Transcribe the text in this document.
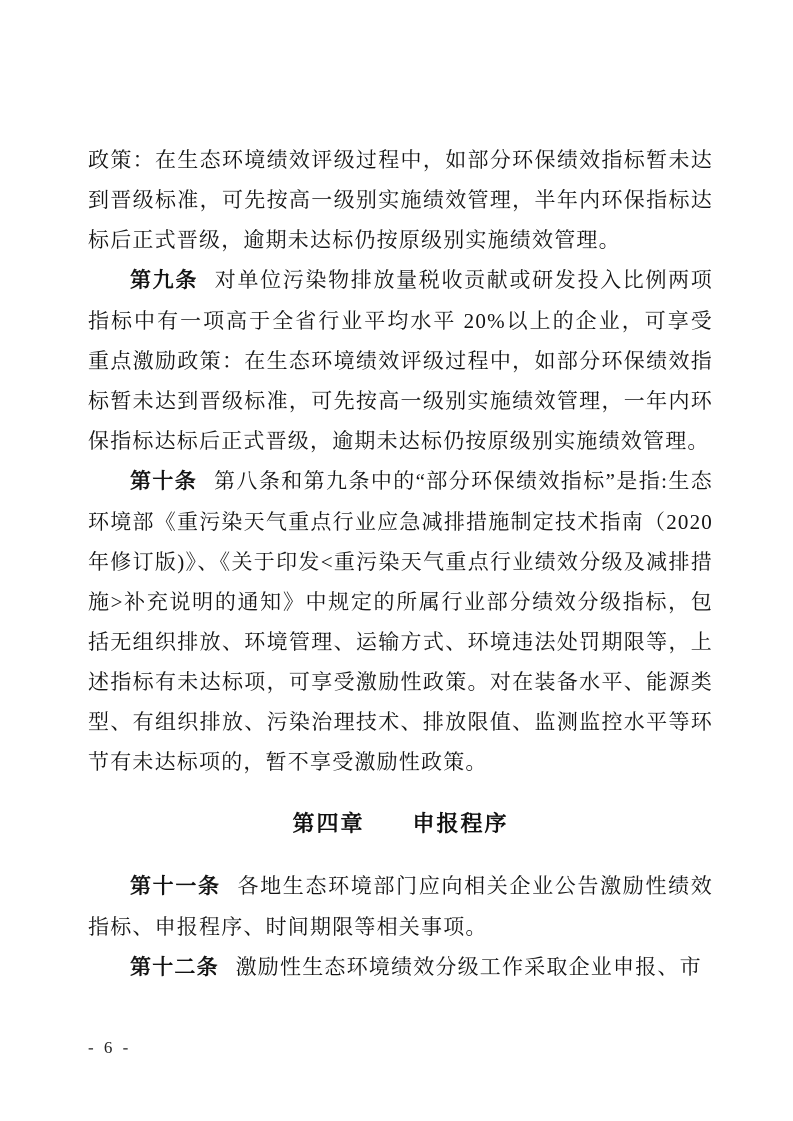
政策：在生态环境绩效评级过程中，如部分环保绩效指标暂未达到晋级标准，可先按高一级别实施绩效管理，半年内环保指标达标后正式晋级，逾期未达标仍按原级别实施绩效管理。

第九条 对单位污染物排放量税收贡献或研发投入比例两项指标中有一项高于全省行业平均水平 20%以上的企业，可享受重点激励政策：在生态环境绩效评级过程中，如部分环保绩效指标暂未达到晋级标准，可先按高一级别实施绩效管理，一年内环保指标达标后正式晋级，逾期未达标仍按原级别实施绩效管理。

第十条 第八条和第九条中的“部分环保绩效指标”是指:生态环境部《重污染天气重点行业应急减排措施制定技术指南（2020年修订版)》、《关于印发<重污染天气重点行业绩效分级及减排措施>补充说明的通知》中规定的所属行业部分绩效分级指标，包括无组织排放、环境管理、运输方式、环境违法处罚期限等，上述指标有未达标项，可享受激励性政策。对在装备水平、能源类型、有组织排放、污染治理技术、排放限值、监测监控水平等环节有未达标项的，暂不享受激励性政策。

第四章　　申报程序

第十一条 各地生态环境部门应向相关企业公告激励性绩效指标、申报程序、时间期限等相关事项。

第十二条 激励性生态环境绩效分级工作采取企业申报、市

- 6 -
